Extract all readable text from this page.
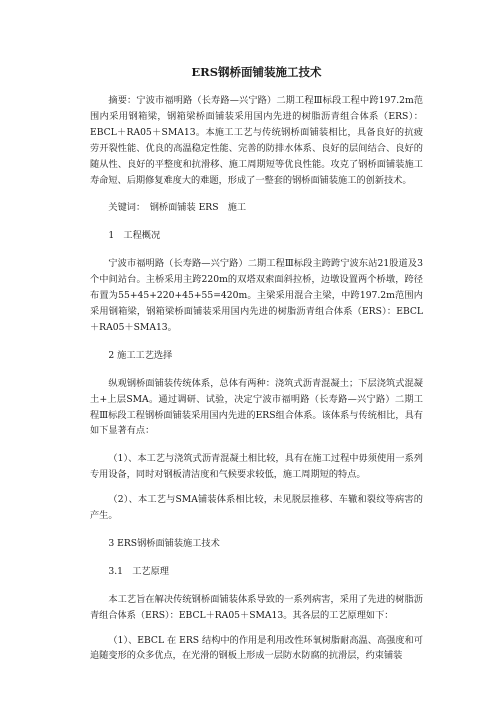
ERS钢桥面铺装施工技术

摘要：宁波市福明路（长寿路—兴宁路）二期工程Ⅲ标段工程中跨197.2m范围内采用钢箱梁，钢箱梁桥面铺装采用国内先进的树脂沥青组合体系（ERS）：EBCL＋RA05＋SMA13。本施工工艺与传统钢桥面铺装相比，具备良好的抗疲劳开裂性能、优良的高温稳定性能、完善的防排水体系、良好的层间结合、良好的随从性、良好的平整度和抗滑移、施工周期短等优良性能。攻克了钢桥面铺装施工寿命短、后期修复难度大的难题，形成了一整套的钢桥面铺装施工的创新技术。

关键词：　钢桥面铺装 ERS　施工

1　工程概况

宁波市福明路（长寿路—兴宁路）二期工程Ⅲ标段主跨跨宁波东站21股道及3个中间站台。主桥采用主跨220m的双塔双索面斜拉桥，边墩设置两个桥墩，跨径布置为55+45+220+45+55=420m。主梁采用混合主梁，中跨197.2m范围内采用钢箱梁，钢箱梁桥面铺装采用国内先进的树脂沥青组合体系（ERS）：EBCL＋RA05＋SMA13。

2 施工工艺选择

纵观钢桥面铺装传统体系，总体有两种：浇筑式沥青混凝土；下层浇筑式混凝土+上层SMA。通过调研、试验，决定宁波市福明路（长寿路—兴宁路）二期工程Ⅲ标段工程钢桥面铺装采用国内先进的ERS组合体系。该体系与传统相比，具有如下显著有点：

（1）、本工艺与浇筑式沥青混凝土相比较，具有在施工过程中毋须使用一系列专用设备，同时对钢板清洁度和气候要求较低，施工周期短的特点。

（2）、本工艺与SMA铺装体系相比较，未见脱层推移、车辙和裂纹等病害的产生。

3 ERS钢桥面铺装施工技术

3.1　工艺原理

本工艺旨在解决传统钢桥面铺装体系导致的一系列病害，采用了先进的树脂沥青组合体系（ERS）：EBCL＋RA05＋SMA13。其各层的工艺原理如下：

（1）、EBCL 在 ERS 结构中的作用是利用改性环氧树脂耐高温、高强度和可追随变形的众多优点，在光滑的钢板上形成一层防水防腐的抗滑层，约束铺装
